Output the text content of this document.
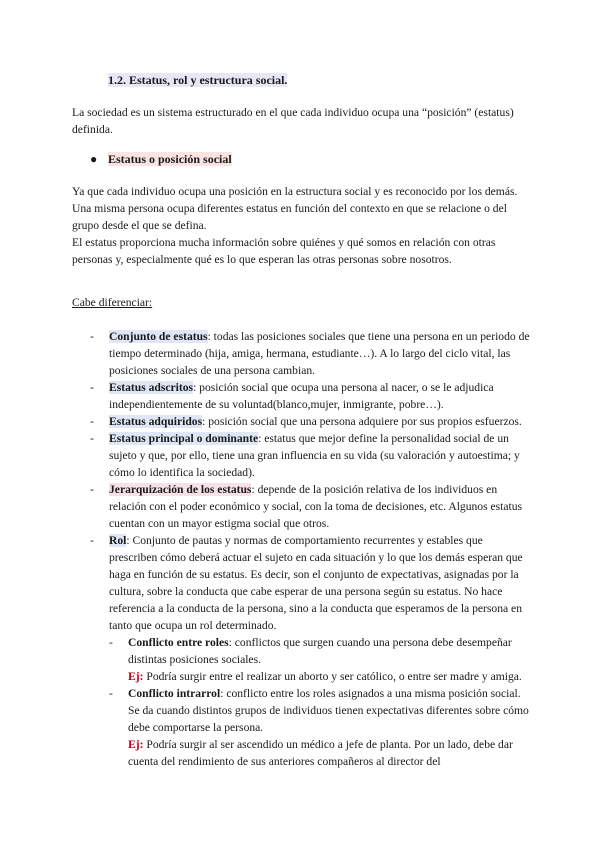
1.2. Estatus, rol y estructura social.
La sociedad es un sistema estructurado en el que cada individuo ocupa una “posición” (estatus) definida.
● Estatus o posición social
Ya que cada individuo ocupa una posición en la estructura social y es reconocido por los demás.
Una misma persona ocupa diferentes estatus en función del contexto en que se relacione o del grupo desde el que se defina.
El estatus proporciona mucha información sobre quiénes y qué somos en relación con otras personas y, especialmente qué es lo que esperan las otras personas sobre nosotros.
Cabe diferenciar:
- Conjunto de estatus: todas las posiciones sociales que tiene una persona en un periodo de tiempo determinado (hija, amiga, hermana, estudiante…). A lo largo del ciclo vital, las posiciones sociales de una persona cambian.
- Estatus adscritos: posición social que ocupa una persona al nacer, o se le adjudica independientemente de su voluntad(blanco,mujer, inmigrante, pobre…).
- Estatus adquiridos: posición social que una persona adquiere por sus propios esfuerzos.
- Estatus principal o dominante: estatus que mejor define la personalidad social de un sujeto y que, por ello, tiene una gran influencia en su vida (su valoración y autoestima; y cómo lo identifica la sociedad).
- Jerarquización de los estatus: depende de la posición relativa de los individuos en relación con el poder económico y social, con la toma de decisiones, etc. Algunos estatus cuentan con un mayor estigma social que otros.
- Rol: Conjunto de pautas y normas de comportamiento recurrentes y estables que prescriben cómo deberá actuar el sujeto en cada situación y lo que los demás esperan que haga en función de su estatus. Es decir, son el conjunto de expectativas, asignadas por la cultura, sobre la conducta que cabe esperar de una persona según su estatus. No hace referencia a la conducta de la persona, sino a la conducta que esperamos de la persona en tanto que ocupa un rol determinado.
- Conflicto entre roles: conflictos que surgen cuando una persona debe desempeñar distintas posiciones sociales.
Ej: Podría surgir entre el realizar un aborto y ser católico, o entre ser madre y amiga.
- Conflicto intrarrol: conflicto entre los roles asignados a una misma posición social. Se da cuando distintos grupos de individuos tienen expectativas diferentes sobre cómo debe comportarse la persona.
Ej: Podría surgir al ser ascendido un médico a jefe de planta. Por un lado, debe dar cuenta del rendimiento de sus anteriores compañeros al director del
